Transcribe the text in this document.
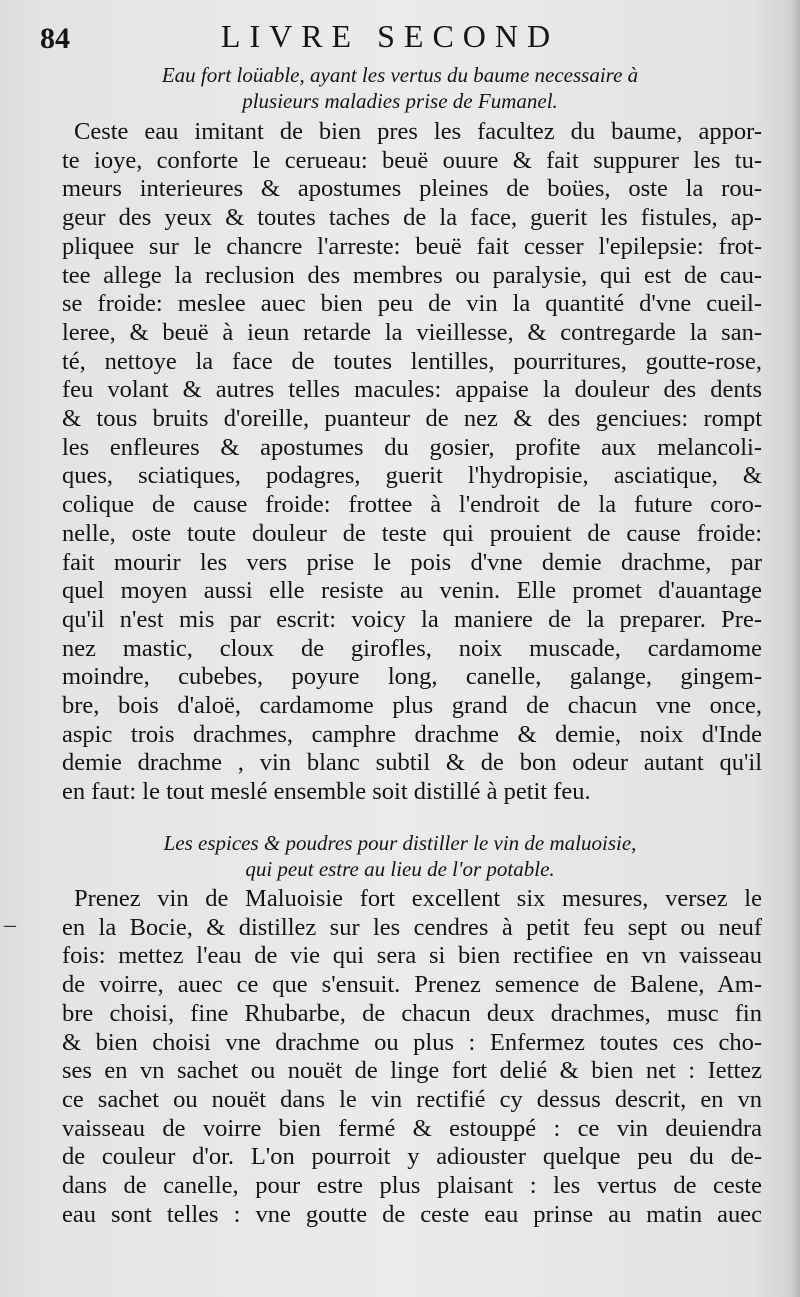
84	LIVRE SECOND
Eau fort loüable, ayant les vertus du baume necessaire à
plusieurs maladies prise de Fumanel.
Ceste eau imitant de bien pres les facultez du baume, appor-
te ioye, conforte le cerueau: beuë ouure & fait suppurer les tu-
meurs interieures & apostumes pleines de boües, oste la rou-
geur des yeux & toutes taches de la face, guerit les fistules, ap-
pliquee sur le chancre l'arreste: beuë fait cesser l'epilepsie: frot-
tee allege la reclusion des membres ou paralysie, qui est de cau-
se froide: meslee auec bien peu de vin la quantité d'vne cueil-
leree, & beuë à ieun retarde la vieillesse, & contregarde la san-
té, nettoye la face de toutes lentilles, pourritures, goutte-rose,
feu volant & autres telles macules: appaise la douleur des dents
& tous bruits d'oreille, puanteur de nez & des genciues: rompt
les enfleures & apostumes du gosier, profite aux melancoli-
ques, sciatiques, podagres, guerit l'hydropisie, asciatique, &
colique de cause froide: frottee à l'endroit de la future coro-
nelle, oste toute douleur de teste qui prouient de cause froide:
fait mourir les vers prise le pois d'vne demie drachme, par
quel moyen aussi elle resiste au venin. Elle promet d'auantage
qu'il n'est mis par escrit: voicy la maniere de la preparer. Pre-
nez mastic, cloux de girofles, noix muscade, cardamome
moindre, cubebes, poyure long, canelle, galange, gingem-
bre, bois d'aloë, cardamome plus grand de chacun vne once,
aspic trois drachmes, camphre drachme & demie, noix d'Inde
demie drachme , vin blanc subtil & de bon odeur autant qu'il
en faut: le tout meslé ensemble soit distillé à petit feu.
Les espices & poudres pour distiller le vin de maluoisie,
qui peut estre au lieu de l'or potable.
–
Prenez vin de Maluoisie fort excellent six mesures, versez le
en la Bocie, & distillez sur les cendres à petit feu sept ou neuf
fois: mettez l'eau de vie qui sera si bien rectifiee en vn vaisseau
de voirre, auec ce que s'ensuit. Prenez semence de Balene, Am-
bre choisi, fine Rhubarbe, de chacun deux drachmes, musc fin
& bien choisi vne drachme ou plus : Enfermez toutes ces cho-
ses en vn sachet ou nouët de linge fort delié & bien net : Iettez
ce sachet ou nouët dans le vin rectifié cy dessus descrit, en vn
vaisseau de voirre bien fermé & estouppé : ce vin deuiendra
de couleur d'or. L'on pourroit y adiouster quelque peu du de-
dans de canelle, pour estre plus plaisant : les vertus de ceste
eau sont telles : vne goutte de ceste eau prinse au matin auec
